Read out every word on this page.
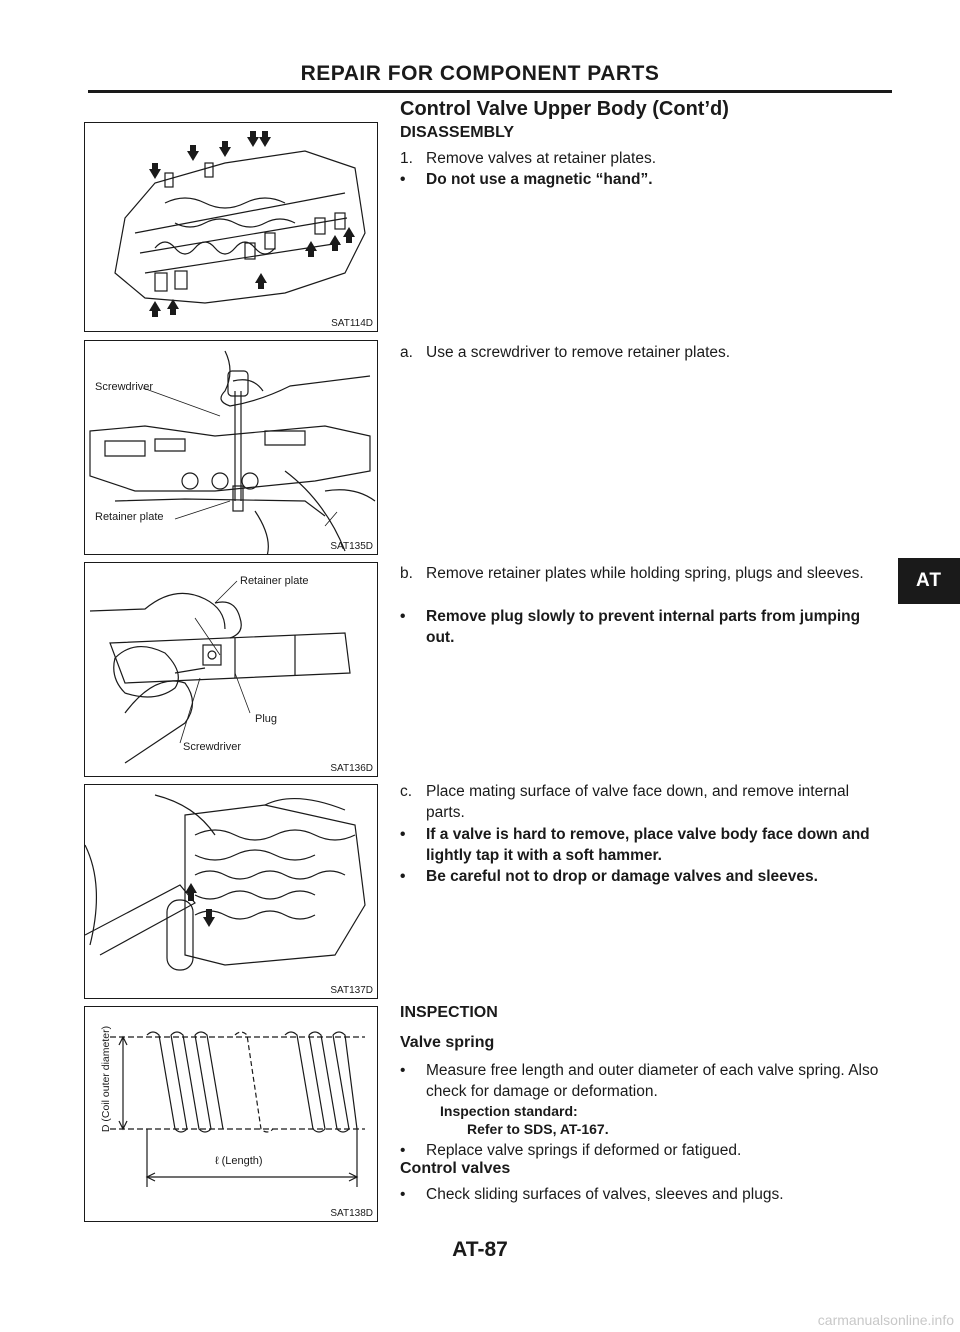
REPAIR FOR COMPONENT PARTS
Control Valve Upper Body (Cont’d)
DISASSEMBLY
1. Remove valves at retainer plates.
•	Do not use a magnetic “hand”.
a. Use a screwdriver to remove retainer plates.
b. Remove retainer plates while holding spring, plugs and sleeves.
•	Remove plug slowly to prevent internal parts from jumping out.
c. Place mating surface of valve face down, and remove internal parts.
•	If a valve is hard to remove, place valve body face down and lightly tap it with a soft hammer.
•	Be careful not to drop or damage valves and sleeves.
INSPECTION
Valve spring
•	Measure free length and outer diameter of each valve spring. Also check for damage or deformation.
Inspection standard:
Refer to SDS, AT-167.
•	Replace valve springs if deformed or fatigued.
Control valves
•	Check sliding surfaces of valves, sleeves and plugs.
SAT114D
Screwdriver
Retainer plate
SAT135D
Retainer plate
Plug
Screwdriver
SAT136D
SAT137D
D (Coil outer diameter)
ℓ (Length)
SAT138D
AT
AT-87
carmanualsonline.info
